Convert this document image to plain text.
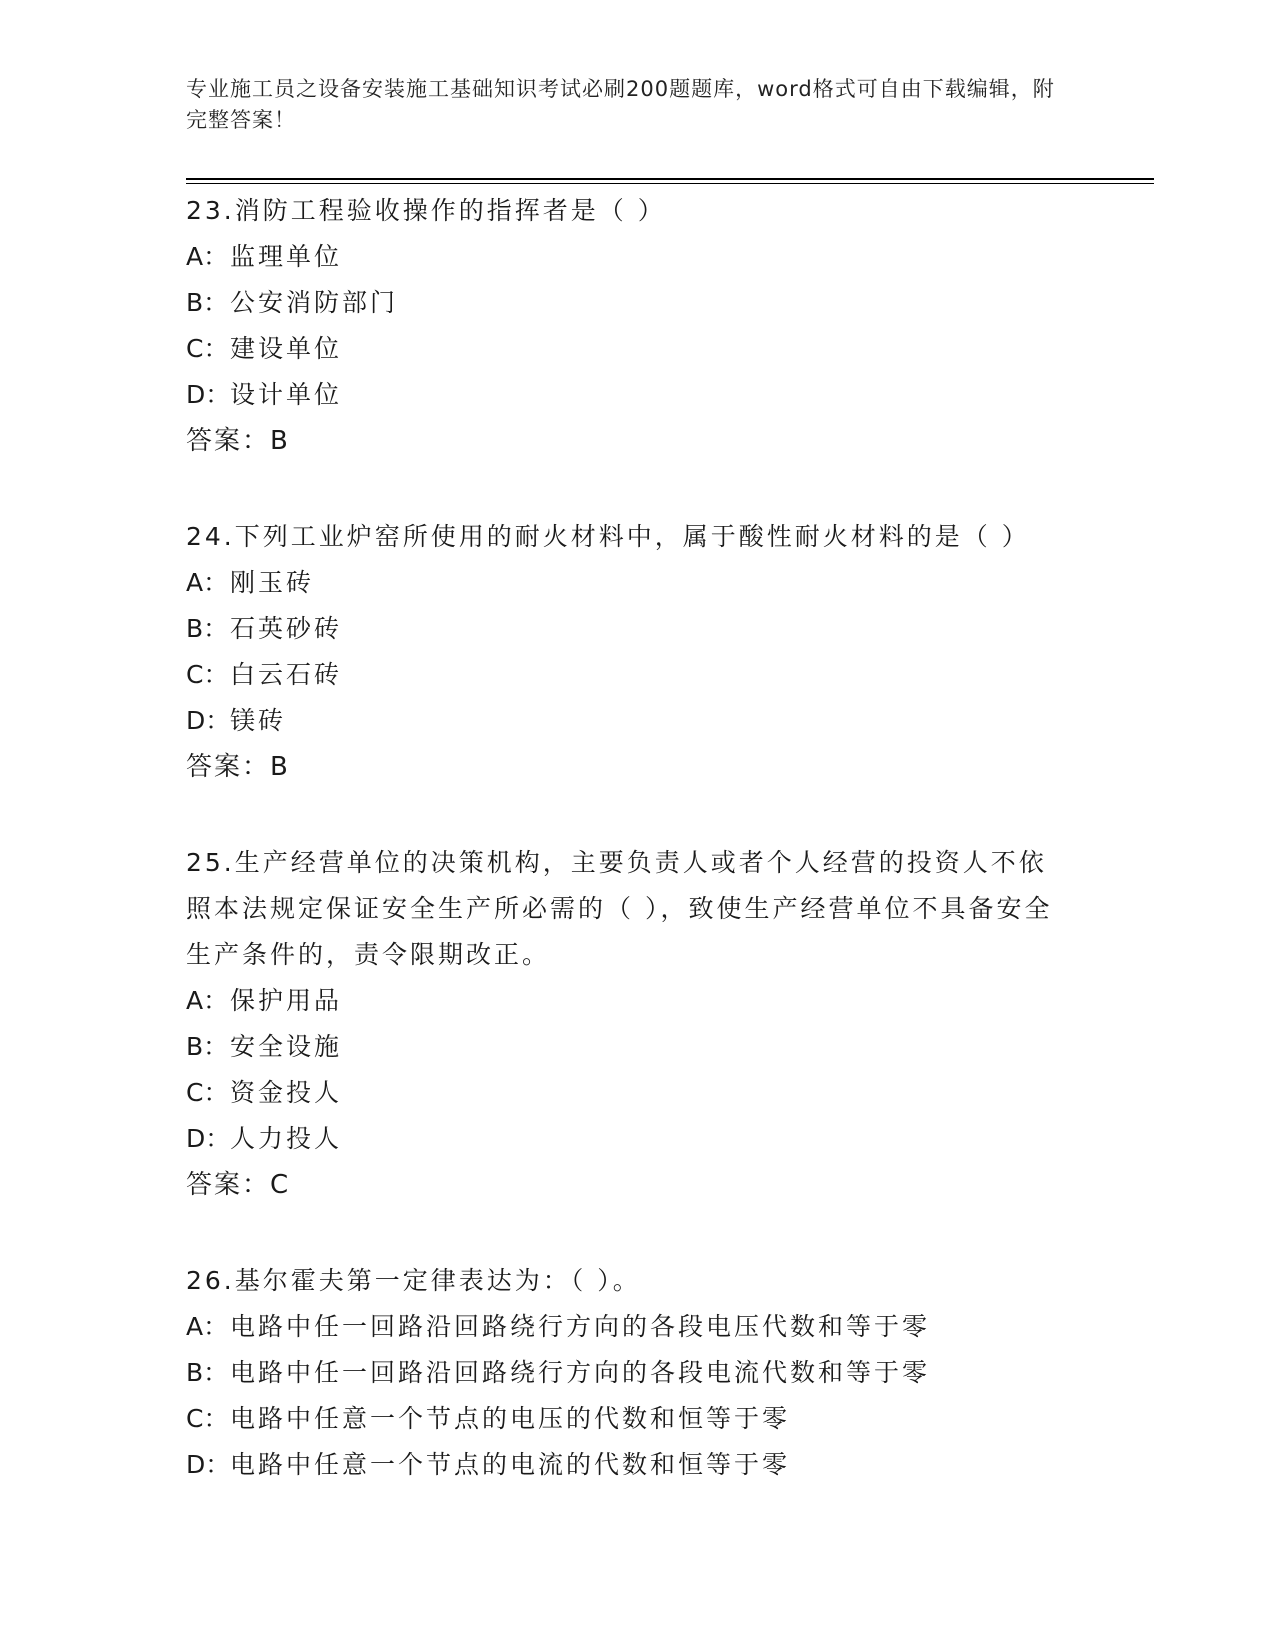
专业施工员之设备安装施工基础知识考试必刷200题题库，word格式可自由下载编辑，附完整答案！
23.消防工程验收操作的指挥者是（ ）
A：监理单位
B：公安消防部门
C：建设单位
D：设计单位
答案：B
24.下列工业炉窑所使用的耐火材料中，属于酸性耐火材料的是（ ）
A：刚玉砖
B：石英砂砖
C：白云石砖
D：镁砖
答案：B
25.生产经营单位的决策机构，主要负责人或者个人经营的投资人不依照本法规定保证安全生产所必需的（ ），致使生产经营单位不具备安全生产条件的，责令限期改正。
A：保护用品
B：安全设施
C：资金投人
D：人力投人
答案：C
26.基尔霍夫第一定律表达为：（ ）。
A：电路中任一回路沿回路绕行方向的各段电压代数和等于零
B：电路中任一回路沿回路绕行方向的各段电流代数和等于零
C：电路中任意一个节点的电压的代数和恒等于零
D：电路中任意一个节点的电流的代数和恒等于零
